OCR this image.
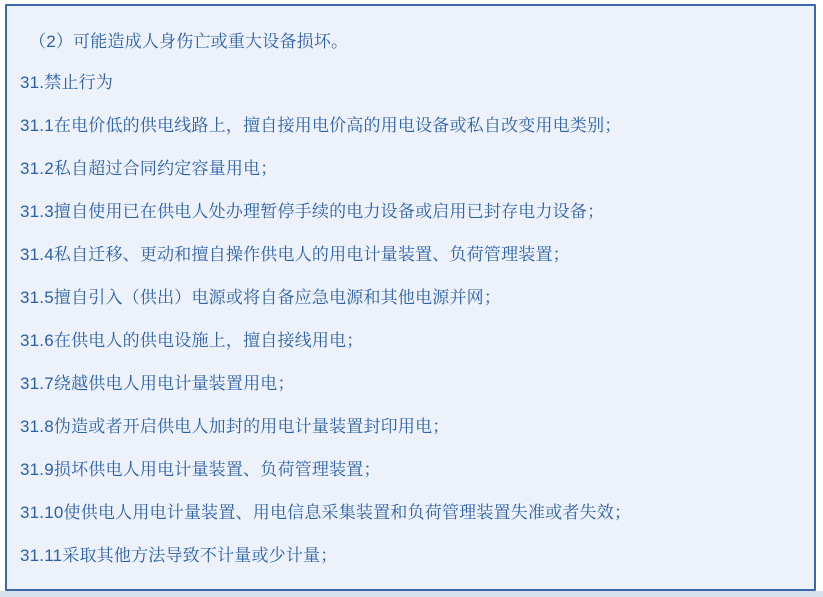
（2）可能造成人身伤亡或重大设备损坏。
31.禁止行为
31.1在电价低的供电线路上，擅自接用电价高的用电设备或私自改变用电类别；
31.2私自超过合同约定容量用电；
31.3擅自使用已在供电人处办理暂停手续的电力设备或启用已封存电力设备；
31.4私自迁移、更动和擅自操作供电人的用电计量装置、负荷管理装置；
31.5擅自引入（供出）电源或将自备应急电源和其他电源并网；
31.6在供电人的供电设施上，擅自接线用电；
31.7绕越供电人用电计量装置用电；
31.8伪造或者开启供电人加封的用电计量装置封印用电；
31.9损坏供电人用电计量装置、负荷管理装置；
31.10使供电人用电计量装置、用电信息采集装置和负荷管理装置失准或者失效；
31.11采取其他方法导致不计量或少计量；
